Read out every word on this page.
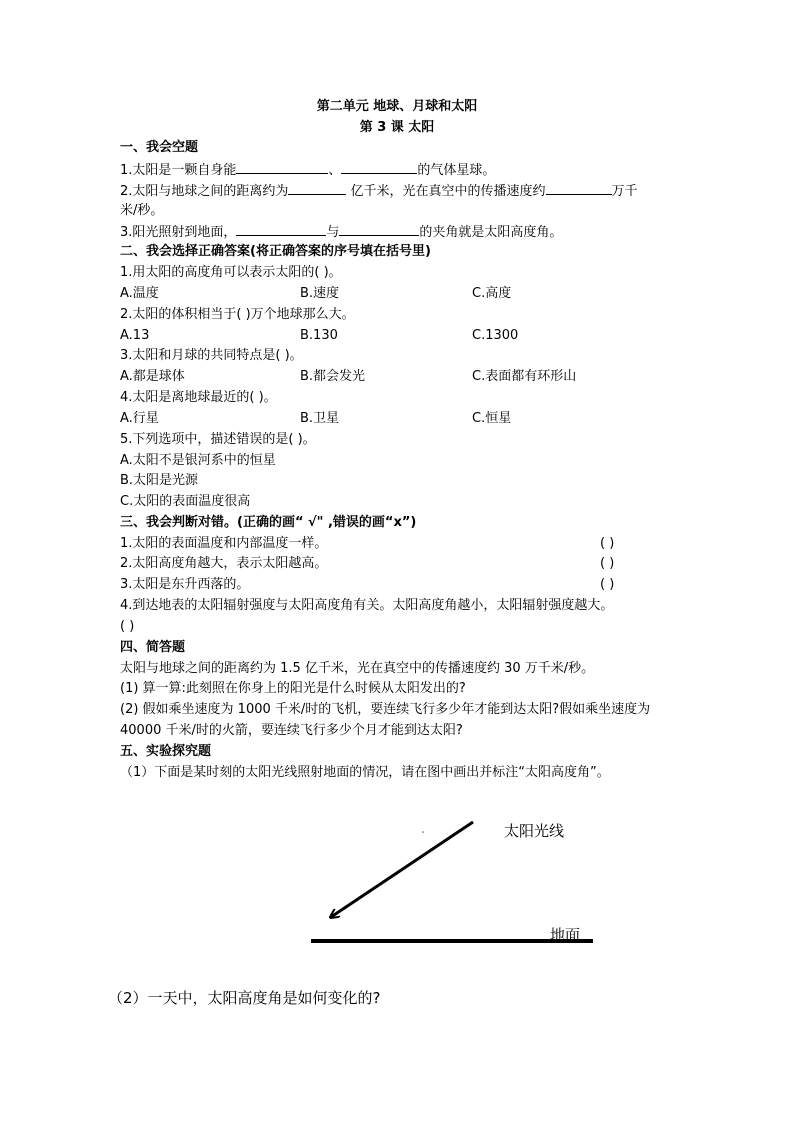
第二单元 地球、月球和太阳
第 3 课 太阳
一、我会空题
1.太阳是一颗自身能	、	的气体星球。
2.太阳与地球之间的距离约为	亿千米，光在真空中的传播速度约	万千
米/秒。
3.阳光照射到地面，	与	的夹角就是太阳高度角。
二、我会选择正确答案(将正确答案的序号填在括号里)
1.用太阳的高度角可以表示太阳的( )。
A.温度	B.速度	C.高度
2.太阳的体积相当于( )万个地球那么大。
A.13	B.130	C.1300
3.太阳和月球的共同特点是( )。
A.都是球体	B.都会发光	C.表面都有环形山
4.太阳是离地球最近的( )。
A.行星	B.卫星	C.恒星
5.下列选项中，描述错误的是( )。
A.太阳不是银河系中的恒星
B.太阳是光源
C.太阳的表面温度很高
三、我会判断对错。(正确的画“ √" ,错误的画“x”)
1.太阳的表面温度和内部温度一样。	( )
2.太阳高度角越大，表示太阳越高。	( )
3.太阳是东升西落的。	( )
4.到达地表的太阳辐射强度与太阳高度角有关。太阳高度角越小，太阳辐射强度越大。
( )
四、简答题
太阳与地球之间的距离约为 1.5 亿千米，光在真空中的传播速度约 30 万千米/秒。
(1) 算一算:此刻照在你身上的阳光是什么时候从太阳发出的?
(2) 假如乘坐速度为 1000 千米/时的飞机，要连续飞行多少年才能到达太阳?假如乘坐速度为
40000 千米/时的火箭，要连续飞行多少个月才能到达太阳?
五、实验探究题
（1）下面是某时刻的太阳光线照射地面的情况，请在图中画出并标注“太阳高度角”。
太阳光线
地面
（2）一天中，太阳高度角是如何变化的?
